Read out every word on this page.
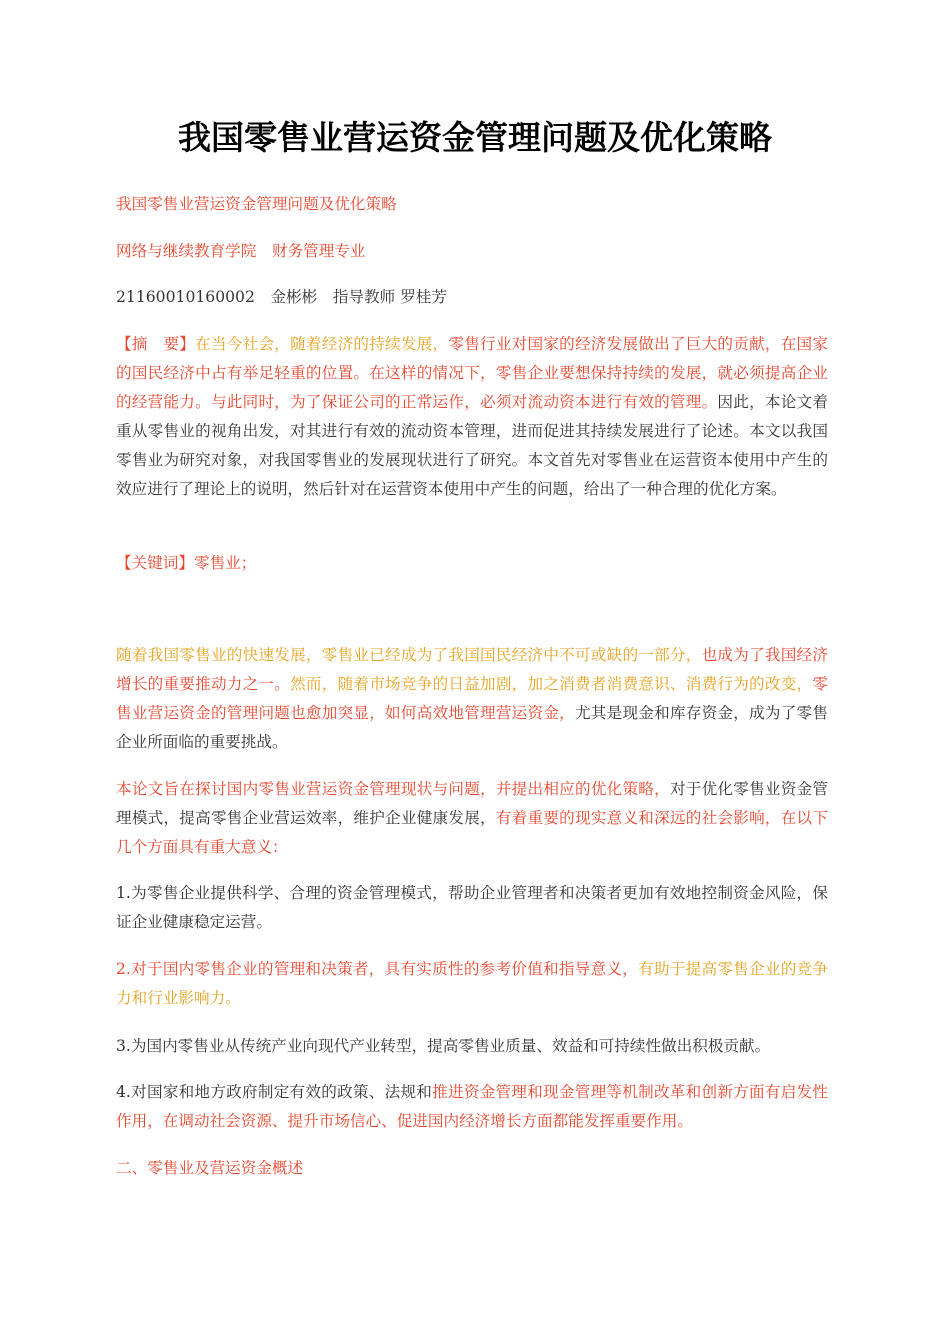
我国零售业营运资金管理问题及优化策略

我国零售业营运资金管理问题及优化策略

网络与继续教育学院　财务管理专业

21160010160002　金彬彬　指导教师 罗桂芳

【摘　要】在当今社会，随着经济的持续发展，零售行业对国家的经济发展做出了巨大的贡献，在国家的国民经济中占有举足轻重的位置。在这样的情况下，零售企业要想保持持续的发展，就必须提高企业的经营能力。与此同时，为了保证公司的正常运作，必须对流动资本进行有效的管理。因此，本论文着重从零售业的视角出发，对其进行有效的流动资本管理，进而促进其持续发展进行了论述。本文以我国零售业为研究对象，对我国零售业的发展现状进行了研究。本文首先对零售业在运营资本使用中产生的效应进行了理论上的说明，然后针对在运营资本使用中产生的问题，给出了一种合理的优化方案。

【关键词】零售业；

随着我国零售业的快速发展，零售业已经成为了我国国民经济中不可或缺的一部分，也成为了我国经济增长的重要推动力之一。然而，随着市场竞争的日益加剧，加之消费者消费意识、消费行为的改变，零售业营运资金的管理问题也愈加突显，如何高效地管理营运资金，尤其是现金和库存资金，成为了零售企业所面临的重要挑战。

本论文旨在探讨国内零售业营运资金管理现状与问题，并提出相应的优化策略，对于优化零售业资金管理模式，提高零售企业营运效率，维护企业健康发展，有着重要的现实意义和深远的社会影响，在以下几个方面具有重大意义：

1.为零售企业提供科学、合理的资金管理模式，帮助企业管理者和决策者更加有效地控制资金风险，保证企业健康稳定运营。

2.对于国内零售企业的管理和决策者，具有实质性的参考价值和指导意义，有助于提高零售企业的竞争力和行业影响力。

3.为国内零售业从传统产业向现代产业转型，提高零售业质量、效益和可持续性做出积极贡献。

4.对国家和地方政府制定有效的政策、法规和推进资金管理和现金管理等机制改革和创新方面有启发性作用，在调动社会资源、提升市场信心、促进国内经济增长方面都能发挥重要作用。

二、零售业及营运资金概述
